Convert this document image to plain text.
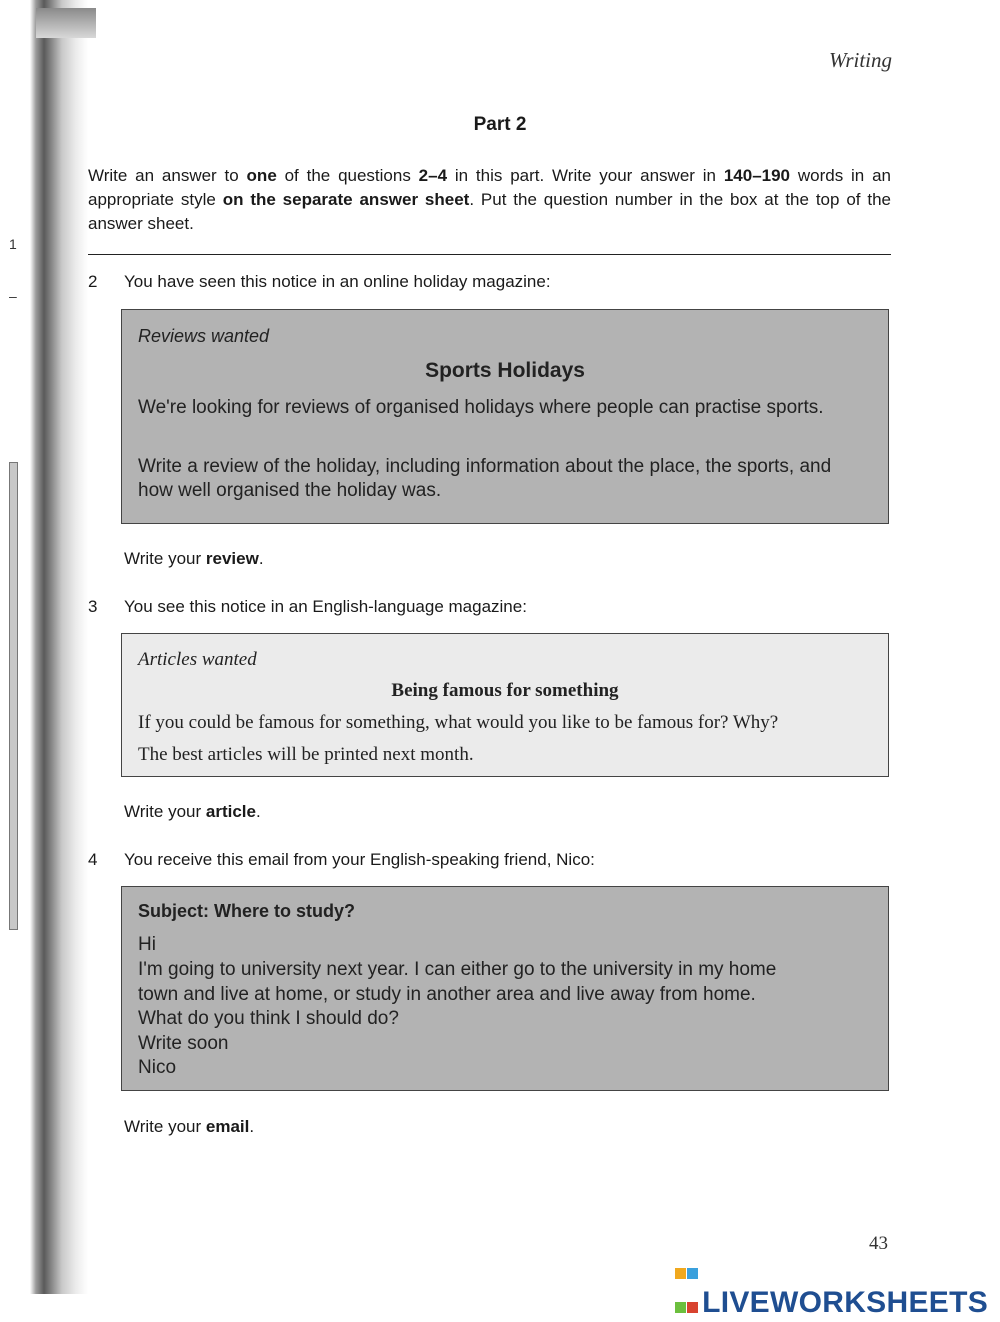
1
–
Writing
Part 2
Write an answer to one of the questions 2–4 in this part. Write your answer in 140–190 words in an appropriate style on the separate answer sheet. Put the question number in the box at the top of the answer sheet.
2 You have seen this notice in an online holiday magazine:
Reviews wanted
Sports Holidays
We're looking for reviews of organised holidays where people can practise sports.
Write a review of the holiday, including information about the place, the sports, and how well organised the holiday was.
Write your review.
3 You see this notice in an English-language magazine:
Articles wanted
Being famous for something
If you could be famous for something, what would you like to be famous for? Why?
The best articles will be printed next month.
Write your article.
4 You receive this email from your English-speaking friend, Nico:
Subject: Where to study?
Hi
I'm going to university next year. I can either go to the university in my home
town and live at home, or study in another area and live away from home.
What do you think I should do?
Write soon
Nico
Write your email.
43

LIVEWORKSHEETS
